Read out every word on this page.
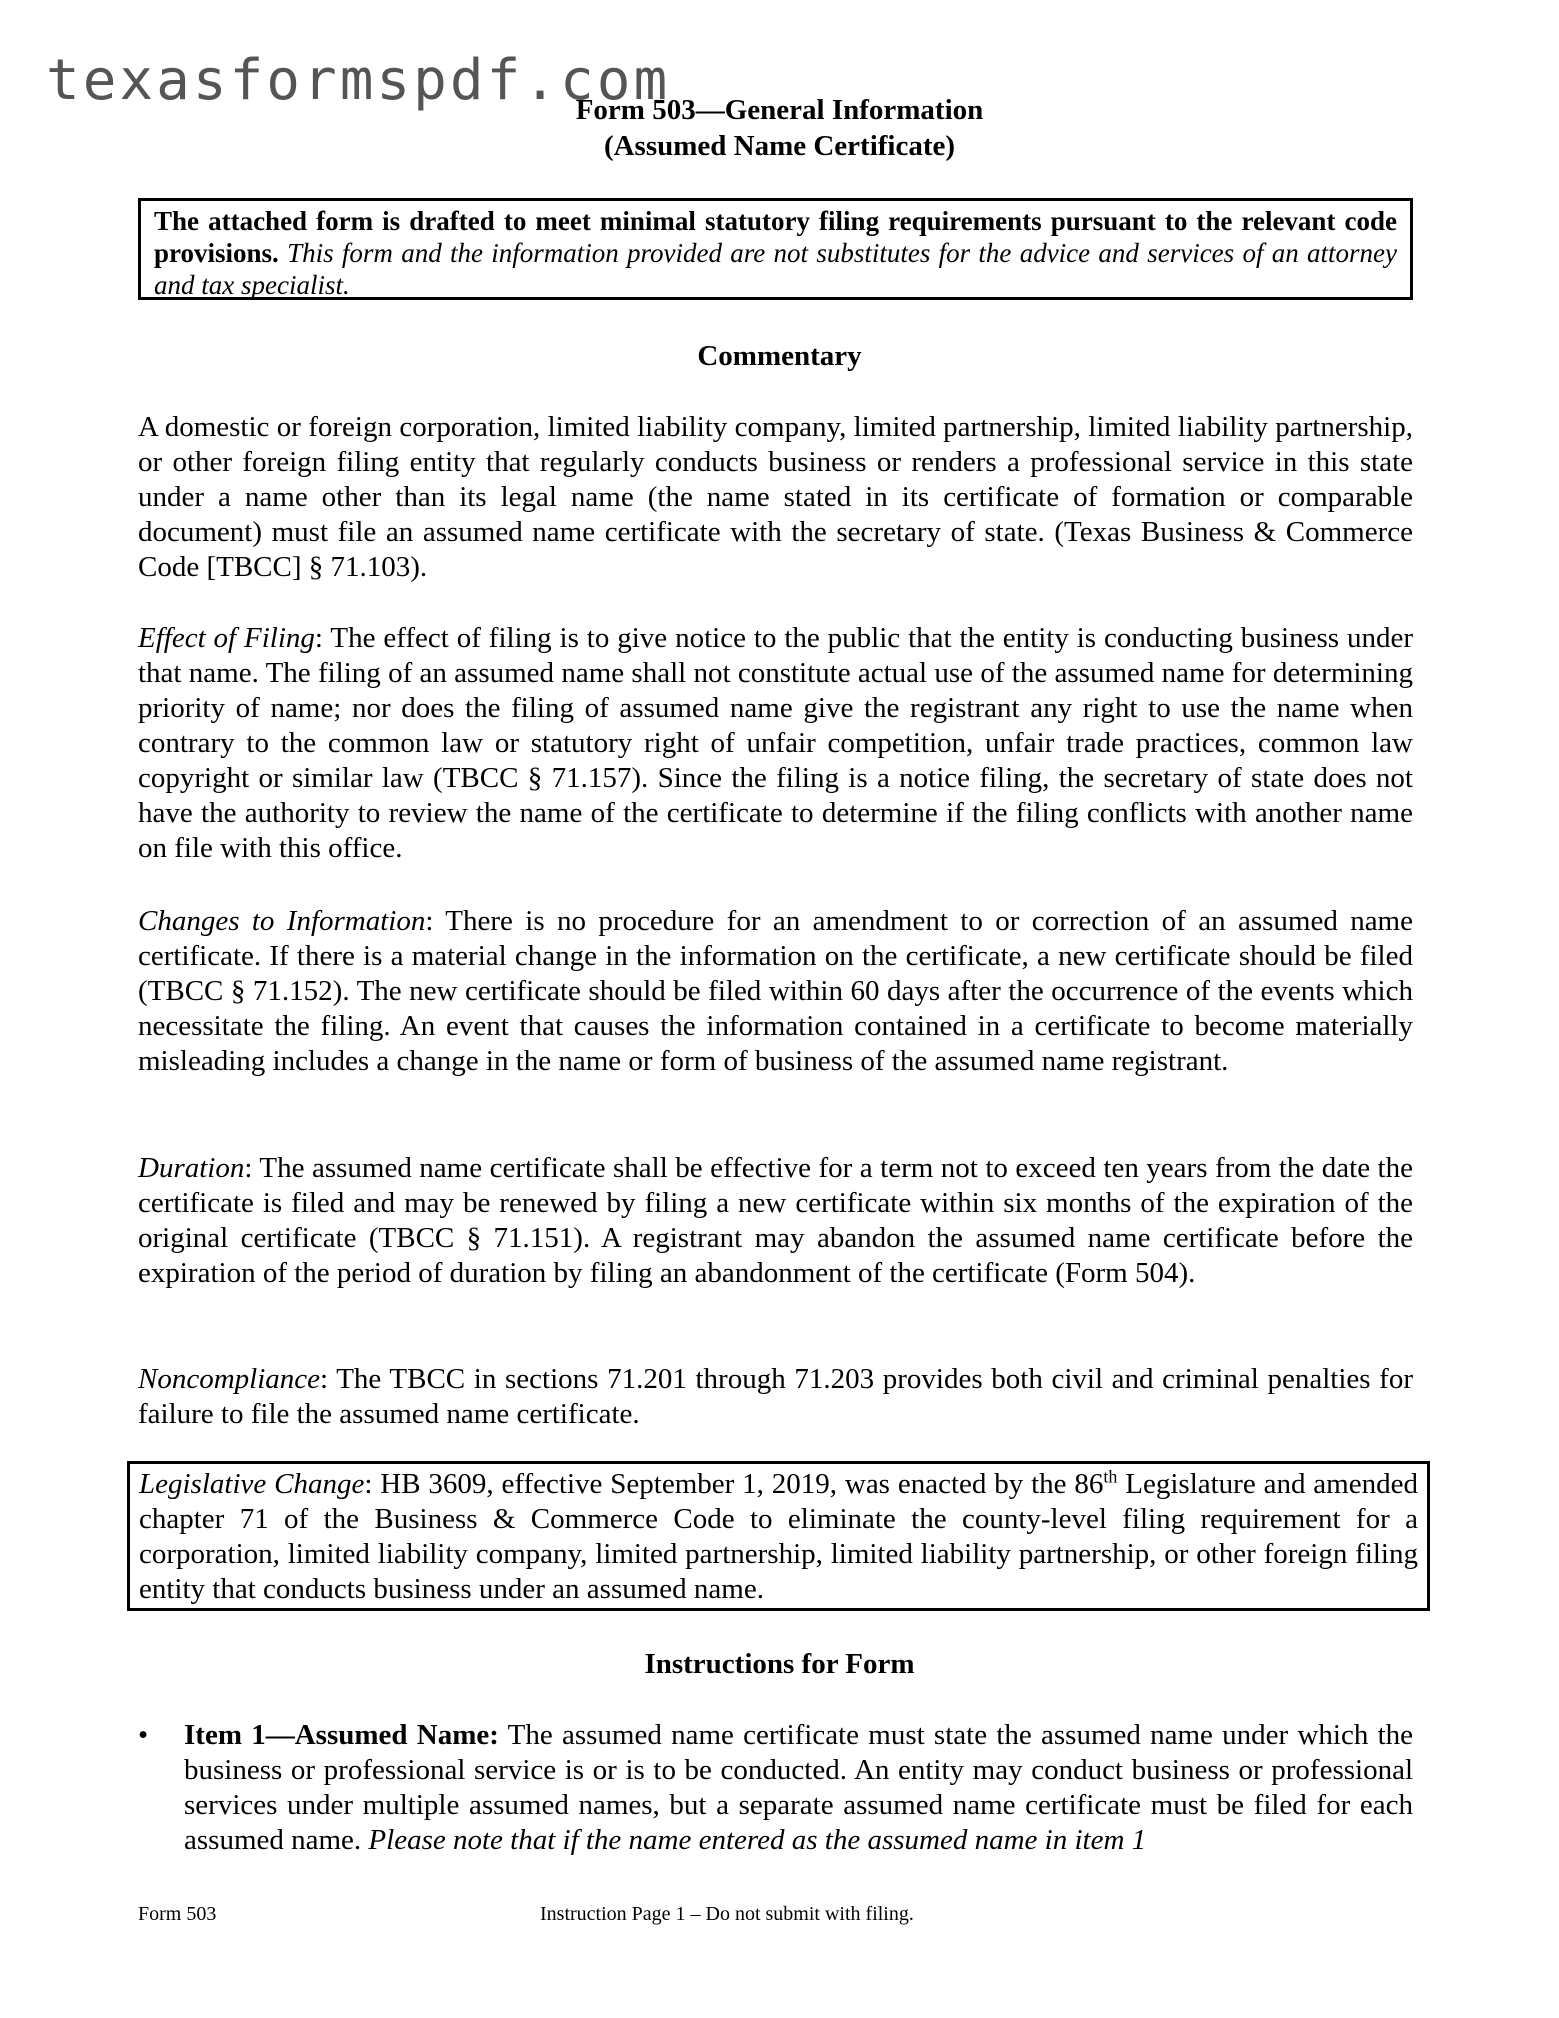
texasformspdf.com
Form 503—General Information
(Assumed Name Certificate)
The attached form is drafted to meet minimal statutory filing requirements pursuant to the relevant code provisions. This form and the information provided are not substitutes for the advice and services of an attorney and tax specialist.
Commentary
A domestic or foreign corporation, limited liability company, limited partnership, limited liability partnership, or other foreign filing entity that regularly conducts business or renders a professional service in this state under a name other than its legal name (the name stated in its certificate of formation or comparable document) must file an assumed name certificate with the secretary of state. (Texas Business & Commerce Code [TBCC] § 71.103).
Effect of Filing: The effect of filing is to give notice to the public that the entity is conducting business under that name. The filing of an assumed name shall not constitute actual use of the assumed name for determining priority of name; nor does the filing of assumed name give the registrant any right to use the name when contrary to the common law or statutory right of unfair competition, unfair trade practices, common law copyright or similar law (TBCC § 71.157). Since the filing is a notice filing, the secretary of state does not have the authority to review the name of the certificate to determine if the filing conflicts with another name on file with this office.
Changes to Information: There is no procedure for an amendment to or correction of an assumed name certificate. If there is a material change in the information on the certificate, a new certificate should be filed (TBCC § 71.152). The new certificate should be filed within 60 days after the occurrence of the events which necessitate the filing. An event that causes the information contained in a certificate to become materially misleading includes a change in the name or form of business of the assumed name registrant.
Duration: The assumed name certificate shall be effective for a term not to exceed ten years from the date the certificate is filed and may be renewed by filing a new certificate within six months of the expiration of the original certificate (TBCC § 71.151). A registrant may abandon the assumed name certificate before the expiration of the period of duration by filing an abandonment of the certificate (Form 504).
Noncompliance: The TBCC in sections 71.201 through 71.203 provides both civil and criminal penalties for failure to file the assumed name certificate.
Legislative Change: HB 3609, effective September 1, 2019, was enacted by the 86th Legislature and amended chapter 71 of the Business & Commerce Code to eliminate the county-level filing requirement for a corporation, limited liability company, limited partnership, limited liability partnership, or other foreign filing entity that conducts business under an assumed name.
Instructions for Form
•	Item 1—Assumed Name: The assumed name certificate must state the assumed name under which the business or professional service is or is to be conducted. An entity may conduct business or professional services under multiple assumed names, but a separate assumed name certificate must be filed for each assumed name. Please note that if the name entered as the assumed name in item 1
Form 503	Instruction Page 1 – Do not submit with filing.
